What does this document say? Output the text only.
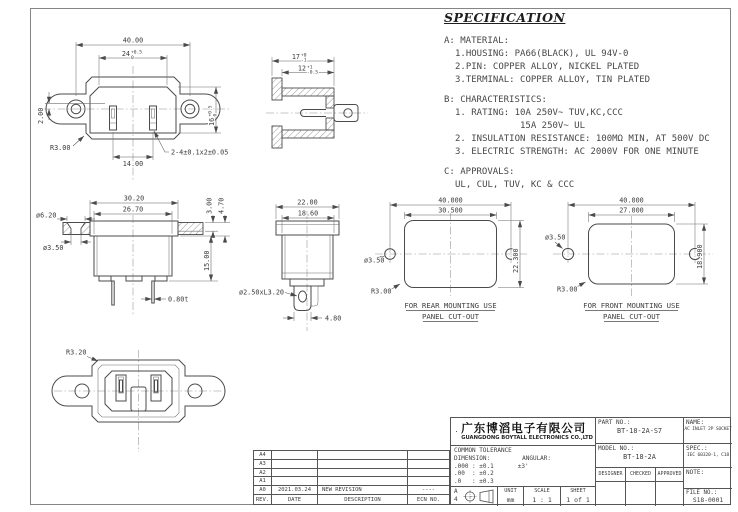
40.00
24 +0.5
0
2.00	16
+0.5 0
R3.00
14.00
2-4±0.1x2±0.05
17 +0
-1
12 +1
-0.5
30.20
26.70
ø6.20
ø3.50
3.00 4.70
15.00
0.80t
22.00
18.60
ø2.50xL3.20
4.80
40.000
30.500
22.300
ø3.50
R3.00
FOR REAR MOUNTING USE
PANEL CUT-OUT
40.000
27.000
18.900
ø3.50
R3.00
FOR FRONT MOUNTING USE
PANEL CUT-OUT
R3.20
SPECIFICATION
A: MATERIAL:
1.HOUSING: PA66(BLACK), UL 94V-0
2.PIN: COPPER ALLOY, NICKEL PLATED
3.TERMINAL: COPPER ALLOY, TIN PLATED
B: CHARACTERISTICS:
1. RATING: 10A 250V~ TUV,KC,CCC
15A 250V~ UL
2. INSULATION RESISTANCE: 100MΩ MIN, AT 500V DC
3. ELECTRIC STRENGTH: AC 2000V FOR ONE MINUTE
C: APPROVALS:
UL, CUL, TUV, KC & CCC
A4
A3
A2
A1
A0	2021.03.24	NEW REVISION	----
REV.	DATE	DESCRIPTION	ECN NO.
广东博滔电子有限公司
GUANGDONG BOYTALL ELECTRONICS CO.,LTD
COMMON TOLERANCE
DIMENSION:	ANGULAR:
.000 : ±0.1	±3'
.00  : ±0.2
.0   : ±0.3
A
4
UNIT
mm
SCALE
1 : 1
SHEET
1 of 1
PART NO.:
BT-18-2A-S7
NAME:
AC INLET 2P SOCKET
MODEL NO.:
BT-18-2A
SPEC.:
IEC 60320-1, C18
DESIGNER	CHECKED	APPROVED NOTE:
FILE NO.:
S18-0001
